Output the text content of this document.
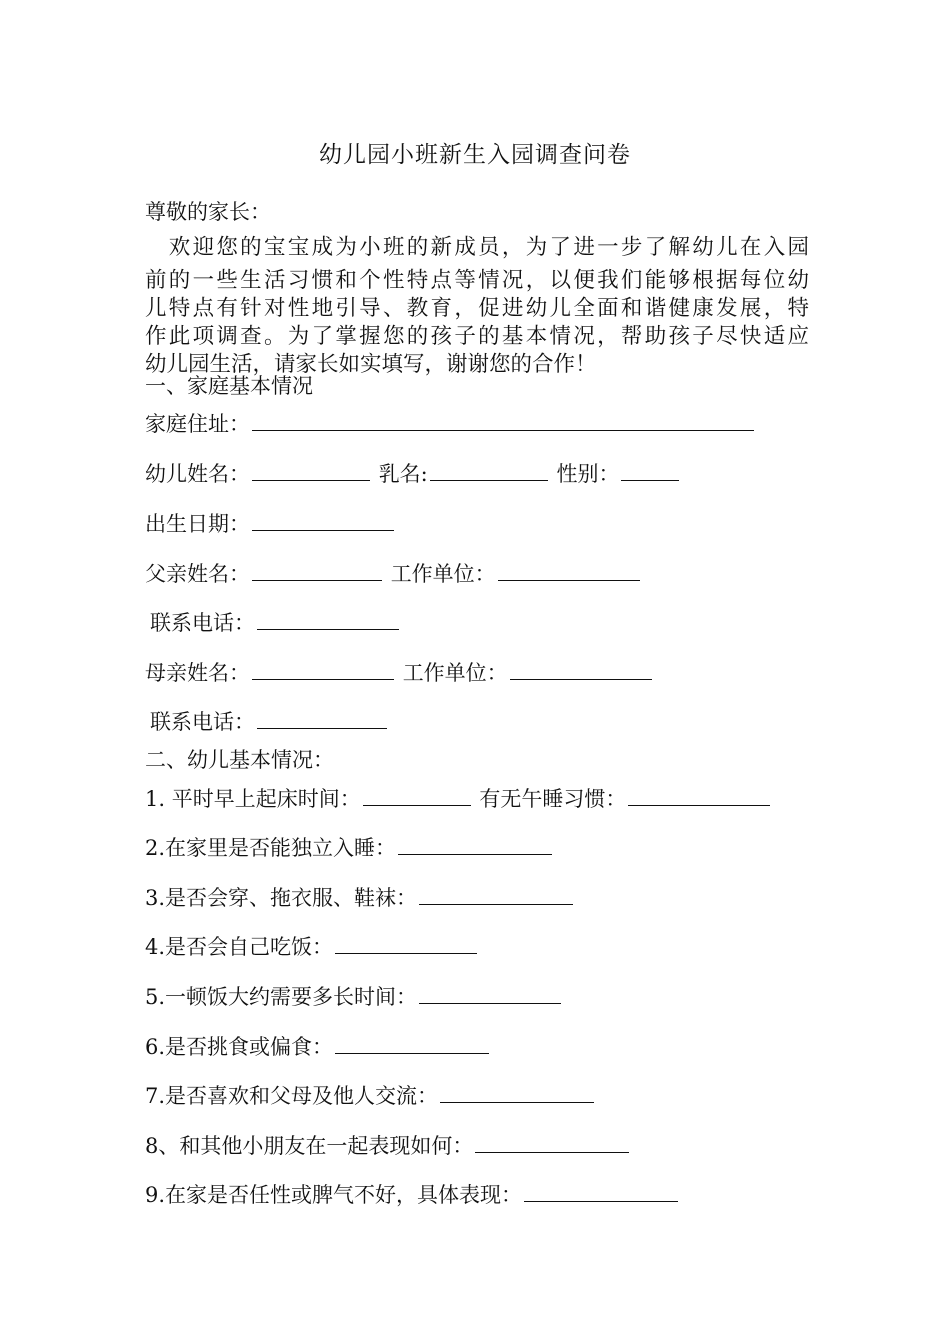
幼儿园小班新生入园调查问卷
尊敬的家长：
　欢迎您的宝宝成为小班的新成员，为了进一步了解幼儿在入园
前的一些生活习惯和个性特点等情况，以便我们能够根据每位幼
儿特点有针对性地引导、教育，促进幼儿全面和谐健康发展，特
作此项调查。为了掌握您的孩子的基本情况，帮助孩子尽快适应
幼儿园生活，请家长如实填写，谢谢您的合作！
一、家庭基本情况
家庭住址：
幼儿姓名：	乳名:	性别：
出生日期：
父亲姓名：	工作单位：
联系电话：
母亲姓名：	工作单位：
联系电话：
二、幼儿基本情况：
1. 平时早上起床时间：	有无午睡习惯：
2.在家里是否能独立入睡：
3.是否会穿、拖衣服、鞋袜：
4.是否会自己吃饭：
5.一顿饭大约需要多长时间：
6.是否挑食或偏食：
7.是否喜欢和父母及他人交流：
8、和其他小朋友在一起表现如何：
9.在家是否任性或脾气不好，具体表现：
